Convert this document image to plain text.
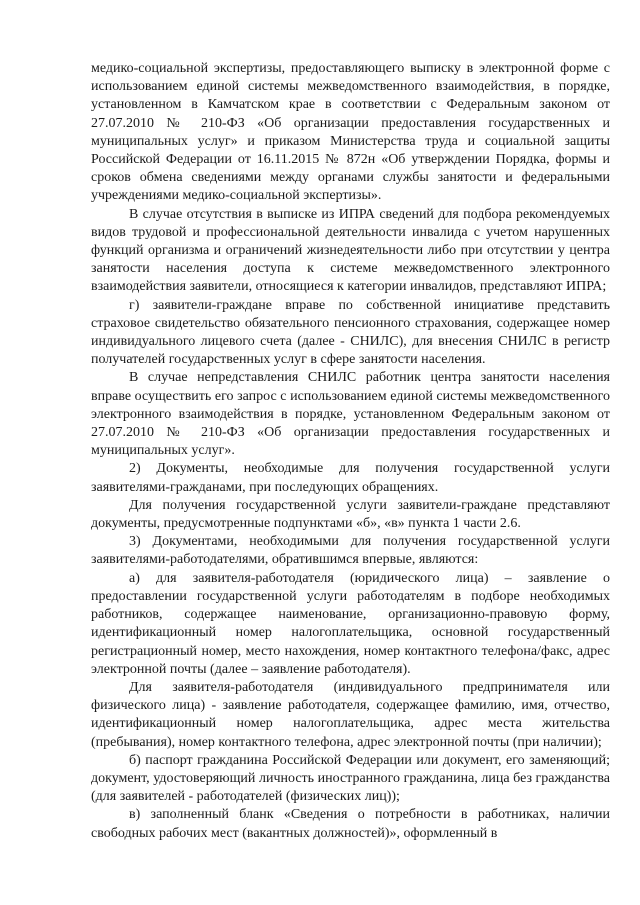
медико-социальной экспертизы, предоставляющего выписку в электронной форме с использованием единой системы межведомственного взаимодействия, в порядке, установленном в Камчатском крае в соответствии с Федеральным законом от 27.07.2010 № 210-ФЗ «Об организации предоставления государственных и муниципальных услуг» и приказом Министерства труда и социальной защиты Российской Федерации от 16.11.2015 № 872н «Об утверждении Порядка, формы и сроков обмена сведениями между органами службы занятости и федеральными учреждениями медико-социальной экспертизы».

В случае отсутствия в выписке из ИПРА сведений для подбора рекомендуемых видов трудовой и профессиональной деятельности инвалида с учетом нарушенных функций организма и ограничений жизнедеятельности либо при отсутствии у центра занятости населения доступа к системе межведомственного электронного взаимодействия заявители, относящиеся к категории инвалидов, представляют ИПРА;

г) заявители-граждане вправе по собственной инициативе представить страховое свидетельство обязательного пенсионного страхования, содержащее номер индивидуального лицевого счета (далее - СНИЛС), для внесения СНИЛС в регистр получателей государственных услуг в сфере занятости населения.

В случае непредставления СНИЛС работник центра занятости населения вправе осуществить его запрос с использованием единой системы межведомственного электронного взаимодействия в порядке, установленном Федеральным законом от 27.07.2010 № 210-ФЗ «Об организации предоставления государственных и муниципальных услуг».

2) Документы, необходимые для получения государственной услуги заявителями-гражданами, при последующих обращениях.

Для получения государственной услуги заявители-граждане представляют документы, предусмотренные подпунктами «б», «в» пункта 1 части 2.6.

3) Документами, необходимыми для получения государственной услуги заявителями-работодателями, обратившимся впервые, являются:

а) для заявителя-работодателя (юридического лица) – заявление о предоставлении государственной услуги работодателям в подборе необходимых работников, содержащее наименование, организационно-правовую форму, идентификационный номер налогоплательщика, основной государственный регистрационный номер, место нахождения, номер контактного телефона/факс, адрес электронной почты (далее – заявление работодателя).

Для заявителя-работодателя (индивидуального предпринимателя или физического лица) - заявление работодателя, содержащее фамилию, имя, отчество, идентификационный номер налогоплательщика, адрес места жительства (пребывания), номер контактного телефона, адрес электронной почты (при наличии);

б) паспорт гражданина Российской Федерации или документ, его заменяющий; документ, удостоверяющий личность иностранного гражданина, лица без гражданства (для заявителей - работодателей (физических лиц));

в) заполненный бланк «Сведения о потребности в работниках, наличии свободных рабочих мест (вакантных должностей)», оформленный в
